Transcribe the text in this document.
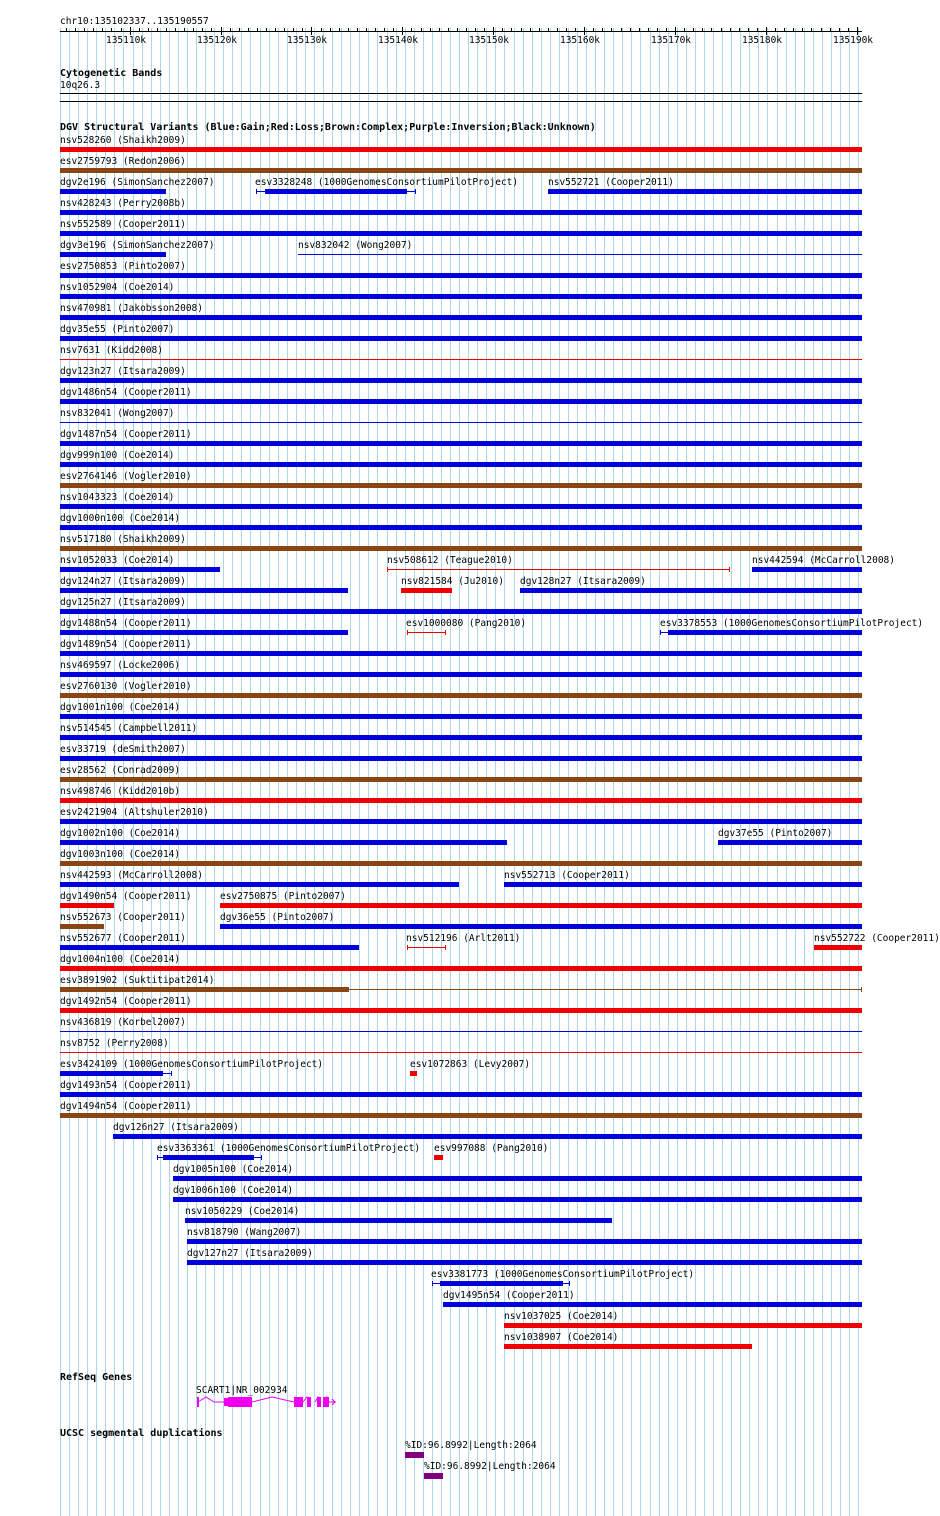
chr10:135102337..135190557
135110k	135120k	135130k	135140k	135150k	135160k	135170k	135180k	135190k
Cytogenetic Bands
10q26.3
DGV Structural Variants (Blue:Gain;Red:Loss;Brown:Complex;Purple:Inversion;Black:Unknown)
nsv528260 (Shaikh2009)
esv2759793 (Redon2006)
dgv2e196 (SimonSanchez2007)	esv3328248 (1000GenomesConsortiumPilotProject)	nsv552721 (Cooper2011)
nsv428243 (Perry2008b)
nsv552589 (Cooper2011)
dgv3e196 (SimonSanchez2007)	nsv832042 (Wong2007)
esv2750853 (Pinto2007)
nsv1052904 (Coe2014)
nsv470981 (Jakobsson2008)
dgv35e55 (Pinto2007)
nsv7631 (Kidd2008)
dgv123n27 (Itsara2009)
dgv1486n54 (Cooper2011)
nsv832041 (Wong2007)
dgv1487n54 (Cooper2011)
dgv999n100 (Coe2014)
esv2764146 (Vogler2010)
nsv1043323 (Coe2014)
dgv1000n100 (Coe2014)
nsv517180 (Shaikh2009)
nsv1052033 (Coe2014)	nsv508612 (Teague2010)	nsv442594 (McCarroll2008)
dgv124n27 (Itsara2009)	nsv821584 (Ju2010) dgv128n27 (Itsara2009)
dgv125n27 (Itsara2009)
dgv1488n54 (Cooper2011)	esv1000080 (Pang2010)	esv3378553 (1000GenomesConsortiumPilotProject)
dgv1489n54 (Cooper2011)
nsv469597 (Locke2006)
esv2760130 (Vogler2010)
dgv1001n100 (Coe2014)
nsv514545 (Campbell2011)
esv33719 (deSmith2007)
esv28562 (Conrad2009)
nsv498746 (Kidd2010b)
esv2421904 (Altshuler2010)
dgv1002n100 (Coe2014)	dgv37e55 (Pinto2007)
dgv1003n100 (Coe2014)
nsv442593 (McCarroll2008)	nsv552713 (Cooper2011)
dgv1490n54 (Cooper2011)	esv2750875 (Pinto2007)
nsv552673 (Cooper2011)	dgv36e55 (Pinto2007)
nsv552677 (Cooper2011)	nsv512196 (Arlt2011)	nsv552722 (Cooper2011)
dgv1004n100 (Coe2014)
esv3891902 (Suktitipat2014)
dgv1492n54 (Cooper2011)
nsv436819 (Korbel2007)
nsv8752 (Perry2008)
esv3424109 (1000GenomesConsortiumPilotProject)	esv1072863 (Levy2007)
dgv1493n54 (Cooper2011)
dgv1494n54 (Cooper2011)
dgv126n27 (Itsara2009)
esv3363361 (1000GenomesConsortiumPilotProject) esv997088 (Pang2010)
dgv1005n100 (Coe2014)
dgv1006n100 (Coe2014)
nsv1050229 (Coe2014)
nsv818790 (Wang2007)
dgv127n27 (Itsara2009)
esv3381773 (1000GenomesConsortiumPilotProject)
dgv1495n54 (Cooper2011)
nsv1037025 (Coe2014)
nsv1038907 (Coe2014)
RefSeq Genes
SCART1|NR_002934
UCSC segmental duplications
%ID:96.8992|Length:2064
%ID:96.8992|Length:2064
